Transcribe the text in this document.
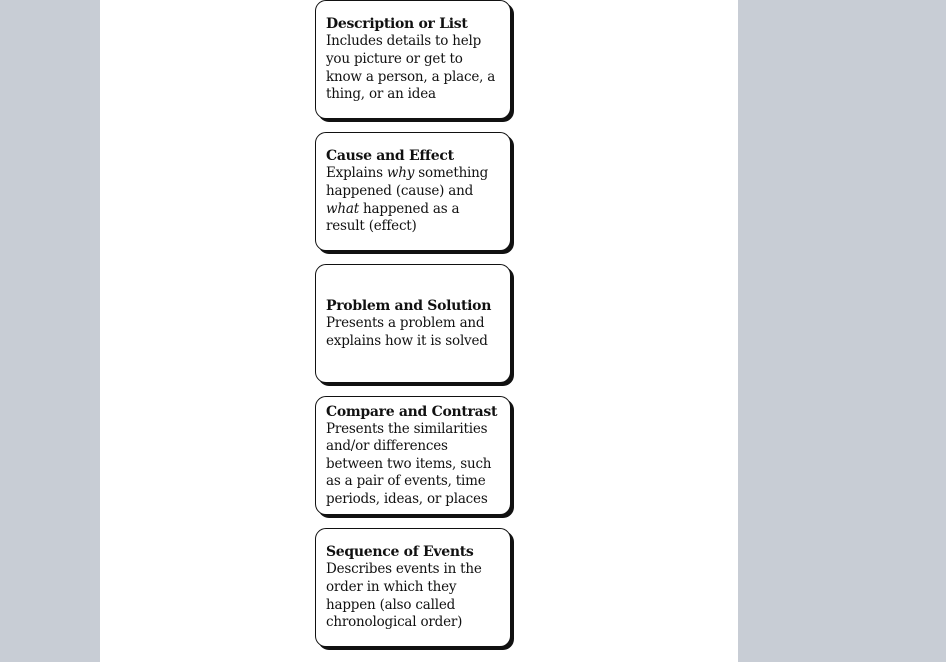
Description or List
Includes details to help you picture or get to know a person, a place, a thing, or an idea
Cause and Effect
Explains why something happened (cause) and what happened as a result (effect)
Problem and Solution
Presents a problem and explains how it is solved
Compare and Contrast
Presents the similarities and/or differences between two items, such as a pair of events, time periods, ideas, or places
Sequence of Events
Describes events in the order in which they happen (also called chronological order)
